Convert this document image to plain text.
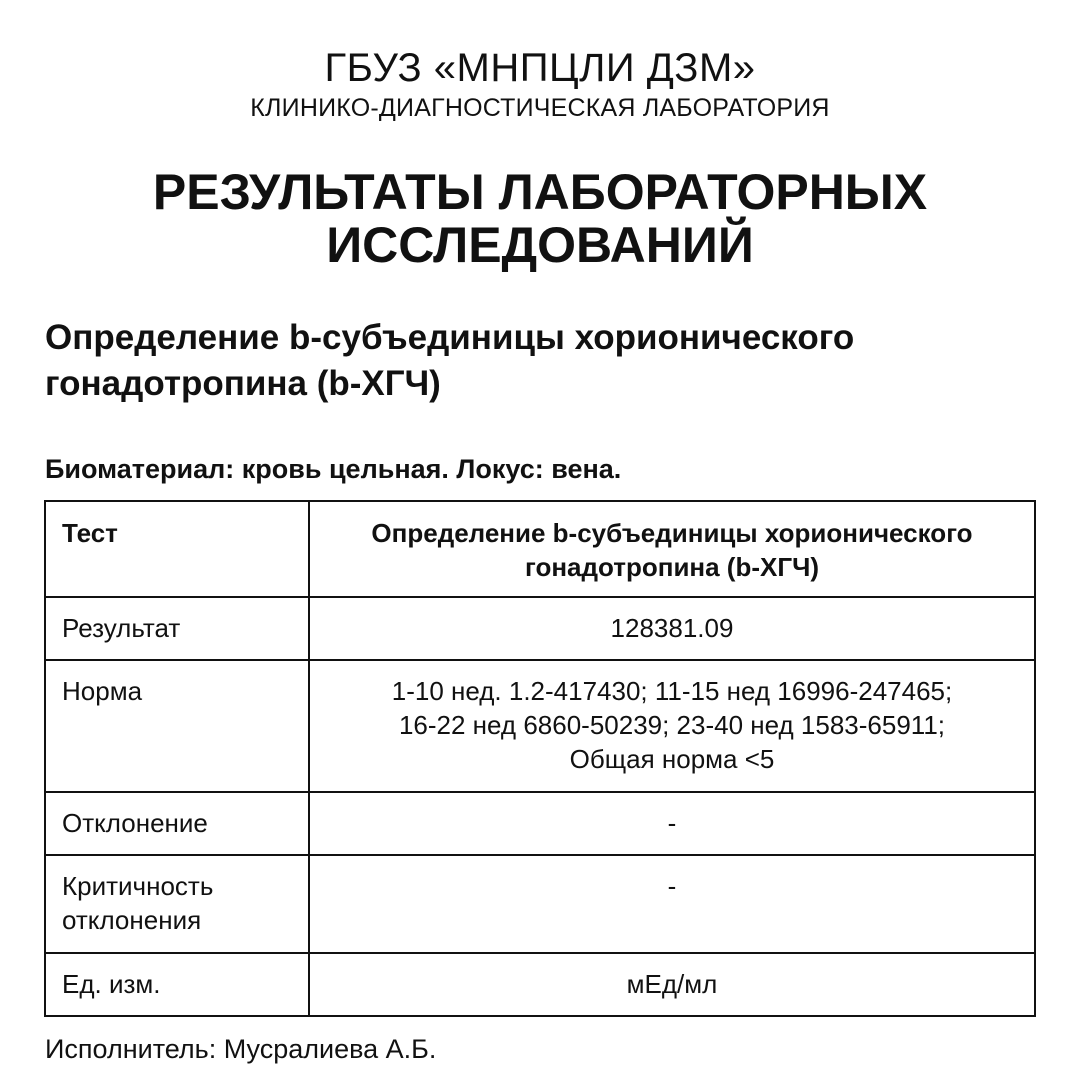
ГБУЗ «МНПЦЛИ ДЗМ»
КЛИНИКО-ДИАГНОСТИЧЕСКАЯ ЛАБОРАТОРИЯ
РЕЗУЛЬТАТЫ ЛАБОРАТОРНЫХ ИССЛЕДОВАНИЙ
Определение b-субъединицы хорионического гонадотропина (b-ХГЧ)
Биоматериал: кровь цельная. Локус: вена.
Тест	Определение b-субъединицы хорионического гонадотропина (b-ХГЧ)
Результат	128381.09
Норма	1-10 нед. 1.2-417430; 11-15 нед 16996-247465;
16-22 нед 6860-50239; 23-40 нед 1583-65911;
Общая норма <5

Отклонение	-
Критичность отклонения	-
Ед. изм.	мЕд/мл
Исполнитель: Мусралиева А.Б.
